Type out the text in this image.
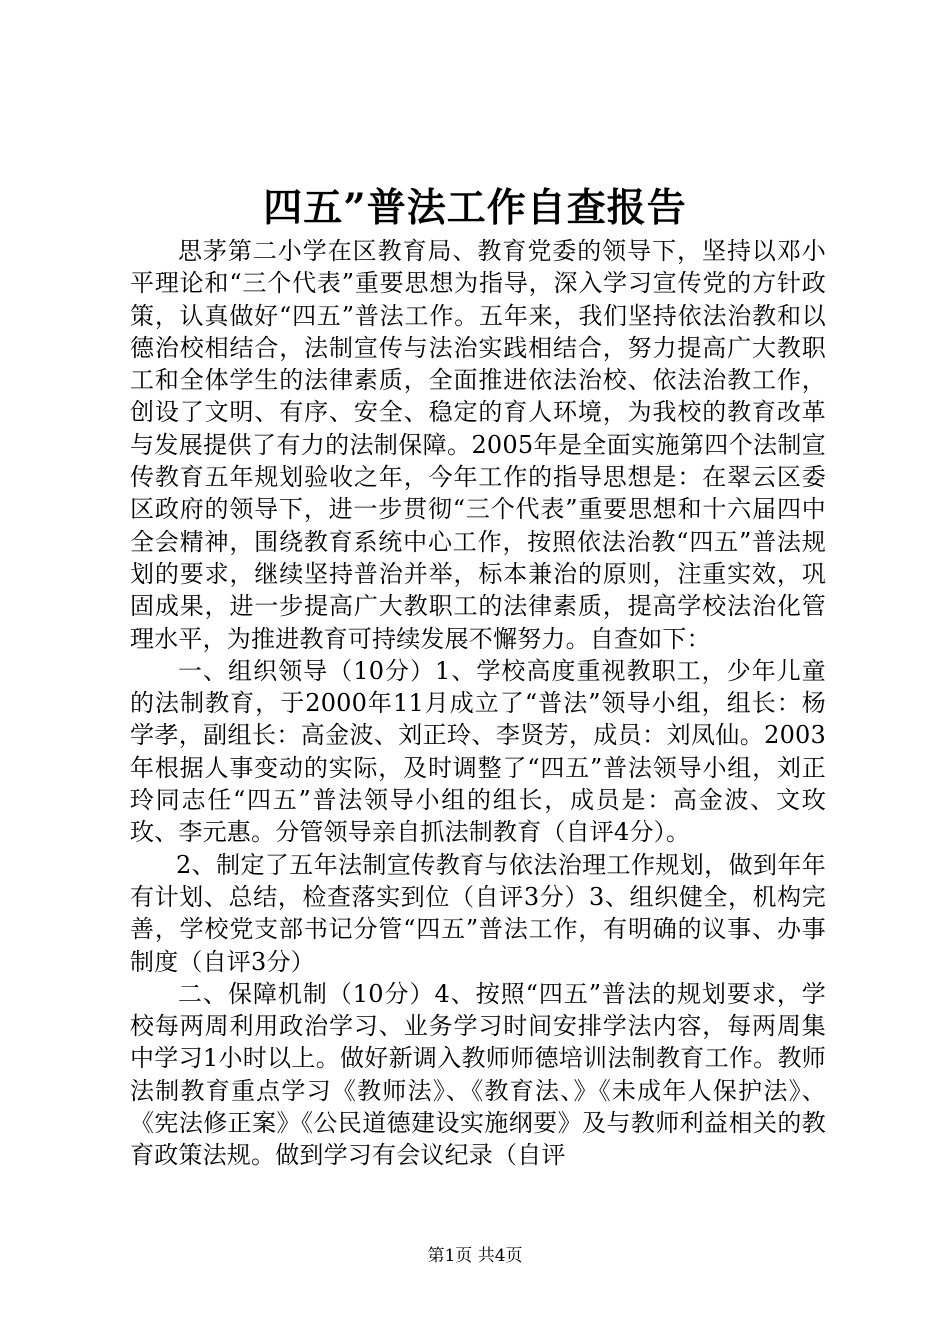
四五”普法工作自查报告

思茅第二小学在区教育局、教育党委的领导下，坚持以邓小平理论和“三个代表”重要思想为指导，深入学习宣传党的方针政策，认真做好“四五”普法工作。五年来，我们坚持依法治教和以德治校相结合，法制宣传与法治实践相结合，努力提高广大教职工和全体学生的法律素质，全面推进依法治校、依法治教工作，创设了文明、有序、安全、稳定的育人环境，为我校的教育改革与发展提供了有力的法制保障。2005年是全面实施第四个法制宣传教育五年规划验收之年，今年工作的指导思想是：在翠云区委区政府的领导下，进一步贯彻“三个代表”重要思想和十六届四中全会精神，围绕教育系统中心工作，按照依法治教“四五”普法规划的要求，继续坚持普治并举，标本兼治的原则，注重实效，巩固成果，进一步提高广大教职工的法律素质，提高学校法治化管理水平，为推进教育可持续发展不懈努力。自查如下：

一、组织领导（10分）1、学校高度重视教职工，少年儿童的法制教育，于2000年11月成立了“普法”领导小组，组长：杨学孝，副组长：高金波、刘正玲、李贤芳，成员：刘凤仙。2003年根据人事变动的实际，及时调整了“四五”普法领导小组，刘正玲同志任“四五”普法领导小组的组长，成员是：高金波、文玫玫、李元惠。分管领导亲自抓法制教育（自评4分）。

2、制定了五年法制宣传教育与依法治理工作规划，做到年年有计划、总结，检查落实到位（自评3分）3、组织健全，机构完善，学校党支部书记分管“四五”普法工作，有明确的议事、办事制度（自评3分）

二、保障机制（10分）4、按照“四五”普法的规划要求，学校每两周利用政治学习、业务学习时间安排学法内容，每两周集中学习1小时以上。做好新调入教师师德培训法制教育工作。教师法制教育重点学习《教师法》、《教育法、》《未成年人保护法》、《宪法修正案》《公民道德建设实施纲要》及与教师利益相关的教育政策法规。做到学习有会议纪录（自评

第1页 共4页
